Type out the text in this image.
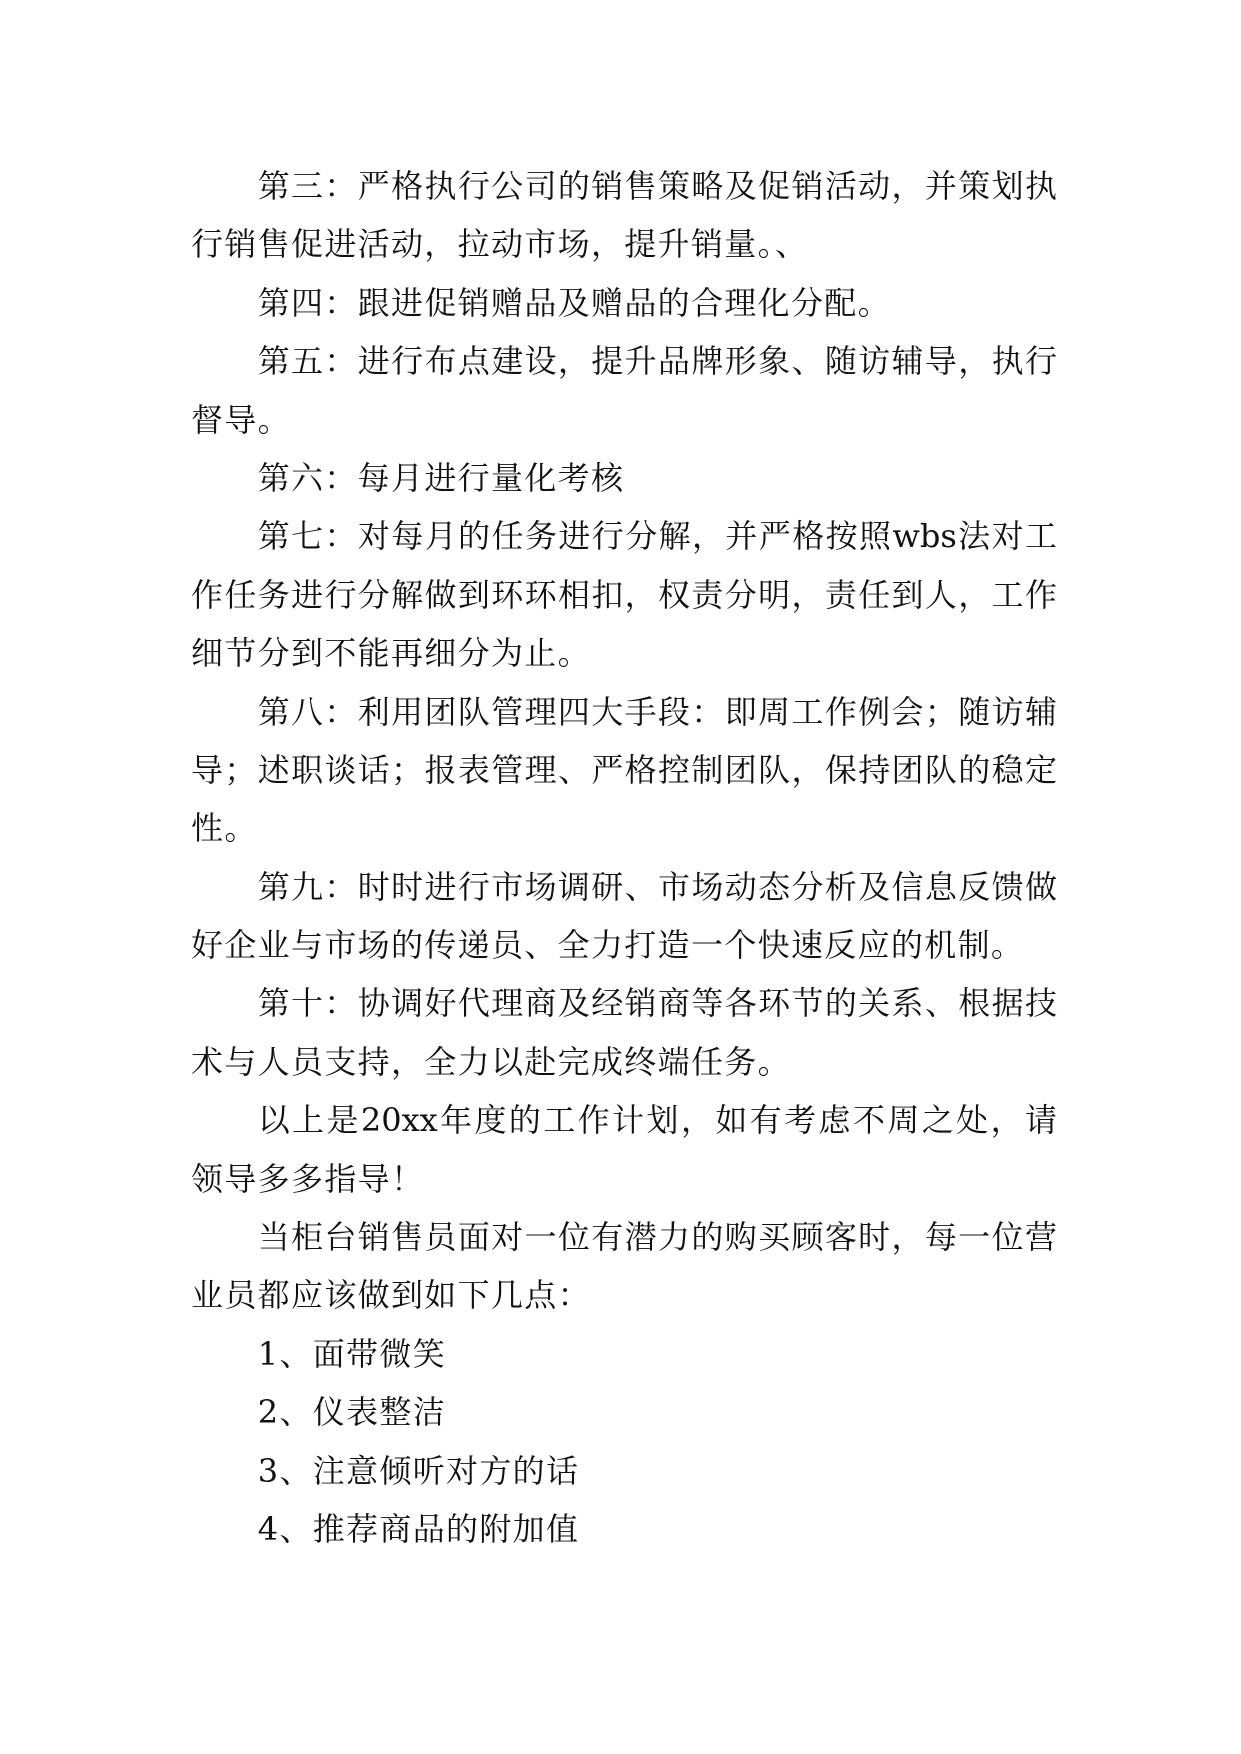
第三：严格执行公司的销售策略及促销活动，并策划执
行销售促进活动，拉动市场，提升销量。、
第四：跟进促销赠品及赠品的合理化分配。
第五：进行布点建设，提升品牌形象、随访辅导，执行
督导。
第六：每月进行量化考核
第七：对每月的任务进行分解，并严格按照wbs法对工
作任务进行分解做到环环相扣，权责分明，责任到人，工作
细节分到不能再细分为止。
第八：利用团队管理四大手段：即周工作例会；随访辅
导；述职谈话；报表管理、严格控制团队，保持团队的稳定
性。
第九：时时进行市场调研、市场动态分析及信息反馈做
好企业与市场的传递员、全力打造一个快速反应的机制。
第十：协调好代理商及经销商等各环节的关系、根据技
术与人员支持，全力以赴完成终端任务。
以上是20xx年度的工作计划，如有考虑不周之处，请
领导多多指导！
当柜台销售员面对一位有潜力的购买顾客时，每一位营
业员都应该做到如下几点：
1、面带微笑
2、仪表整洁
3、注意倾听对方的话
4、推荐商品的附加值
